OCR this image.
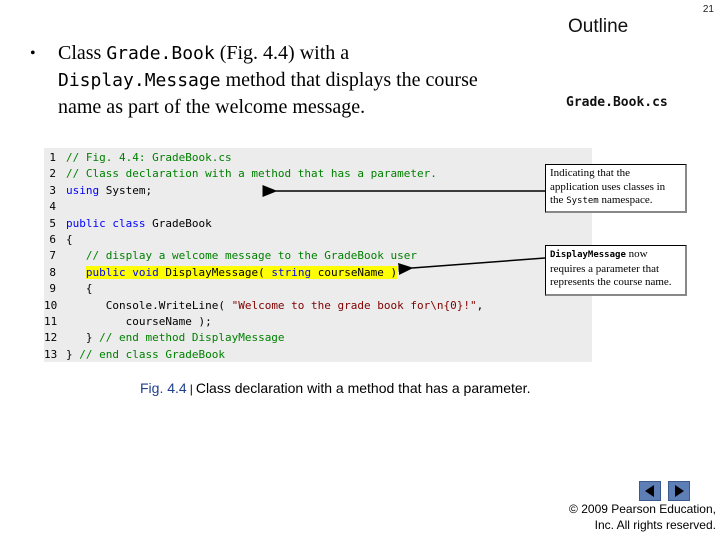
21
Outline
Grade.Book.cs
• Class Grade.Book (Fig. 4.4) with a
Display.Message method that displays the course
name as part of the welcome message.
1 // Fig. 4.4: GradeBook.cs
2 // Class declaration with a method that has a parameter.
3 using System;
4
5 public class GradeBook
6 {
7   // display a welcome message to the GradeBook user
8	public void DisplayMessage( string courseName )
9   {
10      Console.WriteLine( "Welcome to the grade book for\n{0}!",
11         courseName );
12   } // end method DisplayMessage
13 } // end class GradeBook
Indicating that the application uses classes in the System namespace.
DisplayMessage now requires a parameter that represents the course name.
Fig. 4.4 | Class declaration with a method that has a parameter.
© 2009 Pearson Education,
Inc. All rights reserved.
